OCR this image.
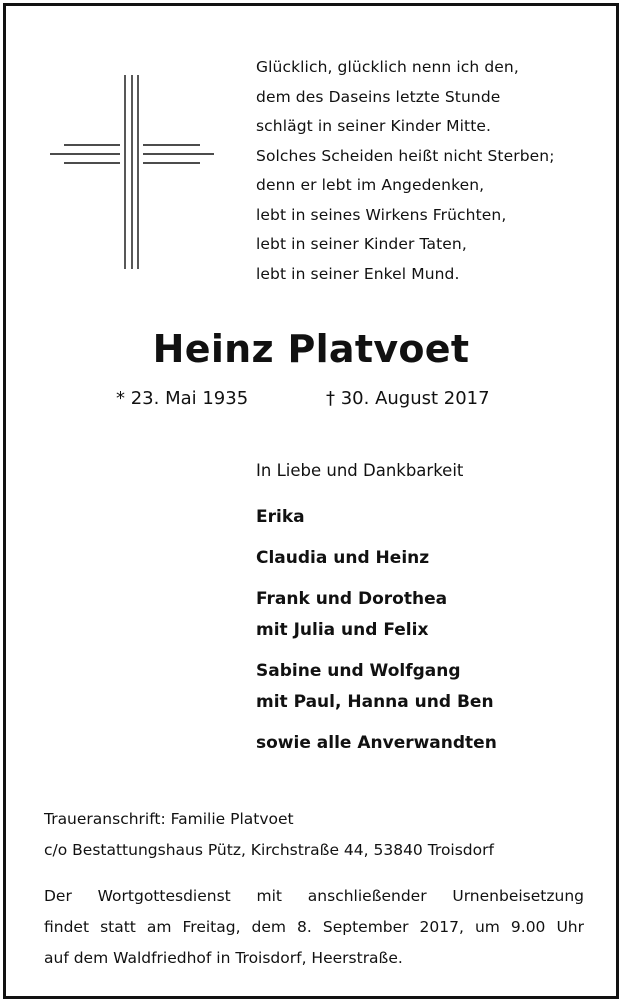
Glücklich, glücklich nenn ich den,
dem des Daseins letzte Stunde
schlägt in seiner Kinder Mitte.
Solches Scheiden heißt nicht Sterben;
denn er lebt im Angedenken,
lebt in seines Wirkens Früchten,
lebt in seiner Kinder Taten,
lebt in seiner Enkel Mund.
Heinz Platvoet
* 23. Mai 1935	† 30. August 2017
In Liebe und Dankbarkeit
Erika
Claudia und Heinz
Frank und Dorothea
mit Julia und Felix
Sabine und Wolfgang
mit Paul, Hanna und Ben
sowie alle Anverwandten
Traueranschrift: Familie Platvoet
c/o Bestattungshaus Pütz, Kirchstraße 44, 53840 Troisdorf
Der Wortgottesdienst mit anschließender Urnenbeisetzung
findet statt am Freitag, dem 8. September 2017, um 9.00 Uhr
auf dem Waldfriedhof in Troisdorf, Heerstraße.
